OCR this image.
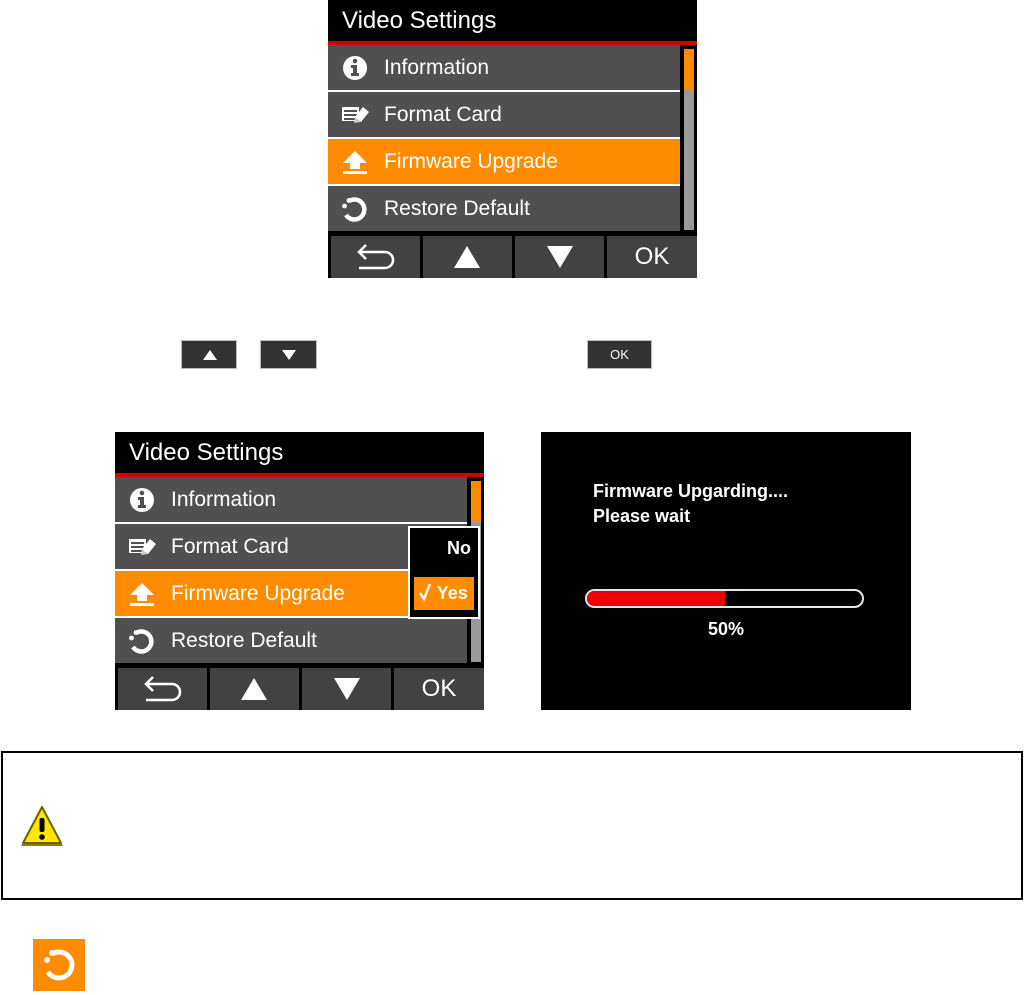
Video Settings
Information
Format Card
Firmware Upgrade
Restore Default
OK
OK
Video Settings
Information
Format Card
Firmware Upgrade
Restore Default
No
Yes
OK
Firmware Upgarding....
Please wait
50%
